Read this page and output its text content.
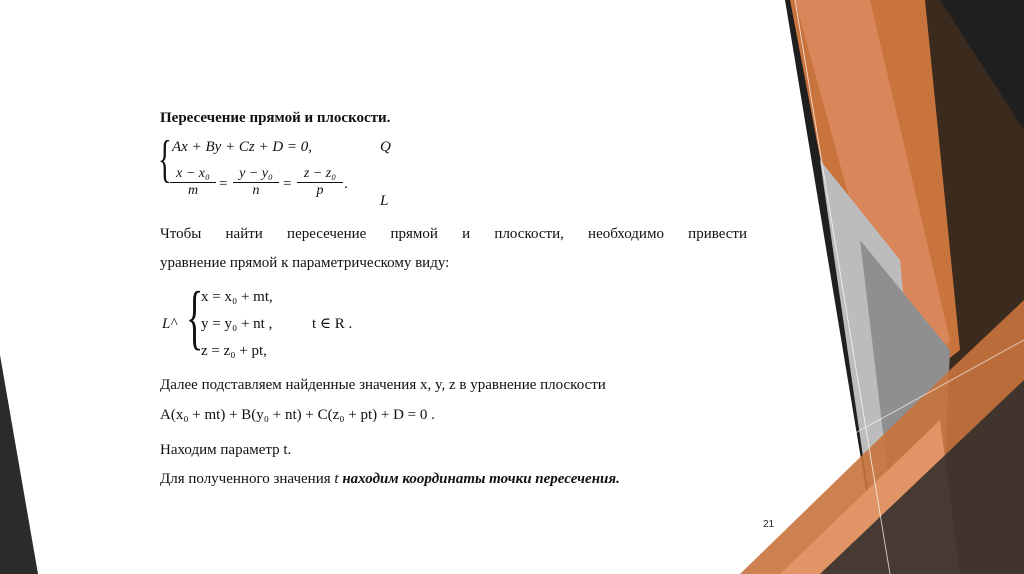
Пересечение прямой и плоскости.
{ Ax + By + Cz + D = 0,	Q
$\frac{\text{x − x₀}}{m} = \frac{\text{y − y₀}}{n} = \frac{\text{z − z₀}}{p}$ .
L
Чтобы найти пересечение прямой и плоскости, необходимо привести
уравнение прямой к параметрическому виду:
L^ {
x = x₀ + mt,
y = y₀ + nt ,
z = z₀ + pt,
t ∈ R .
Далее подставляем найденные значения x, y, z в уравнение плоскости
A(x₀ + mt) + B(y₀ + nt) + C(z₀ + pt) + D = 0 .
Находим параметр t.
Для полученного значения t находим координаты точки пересечения.
21
